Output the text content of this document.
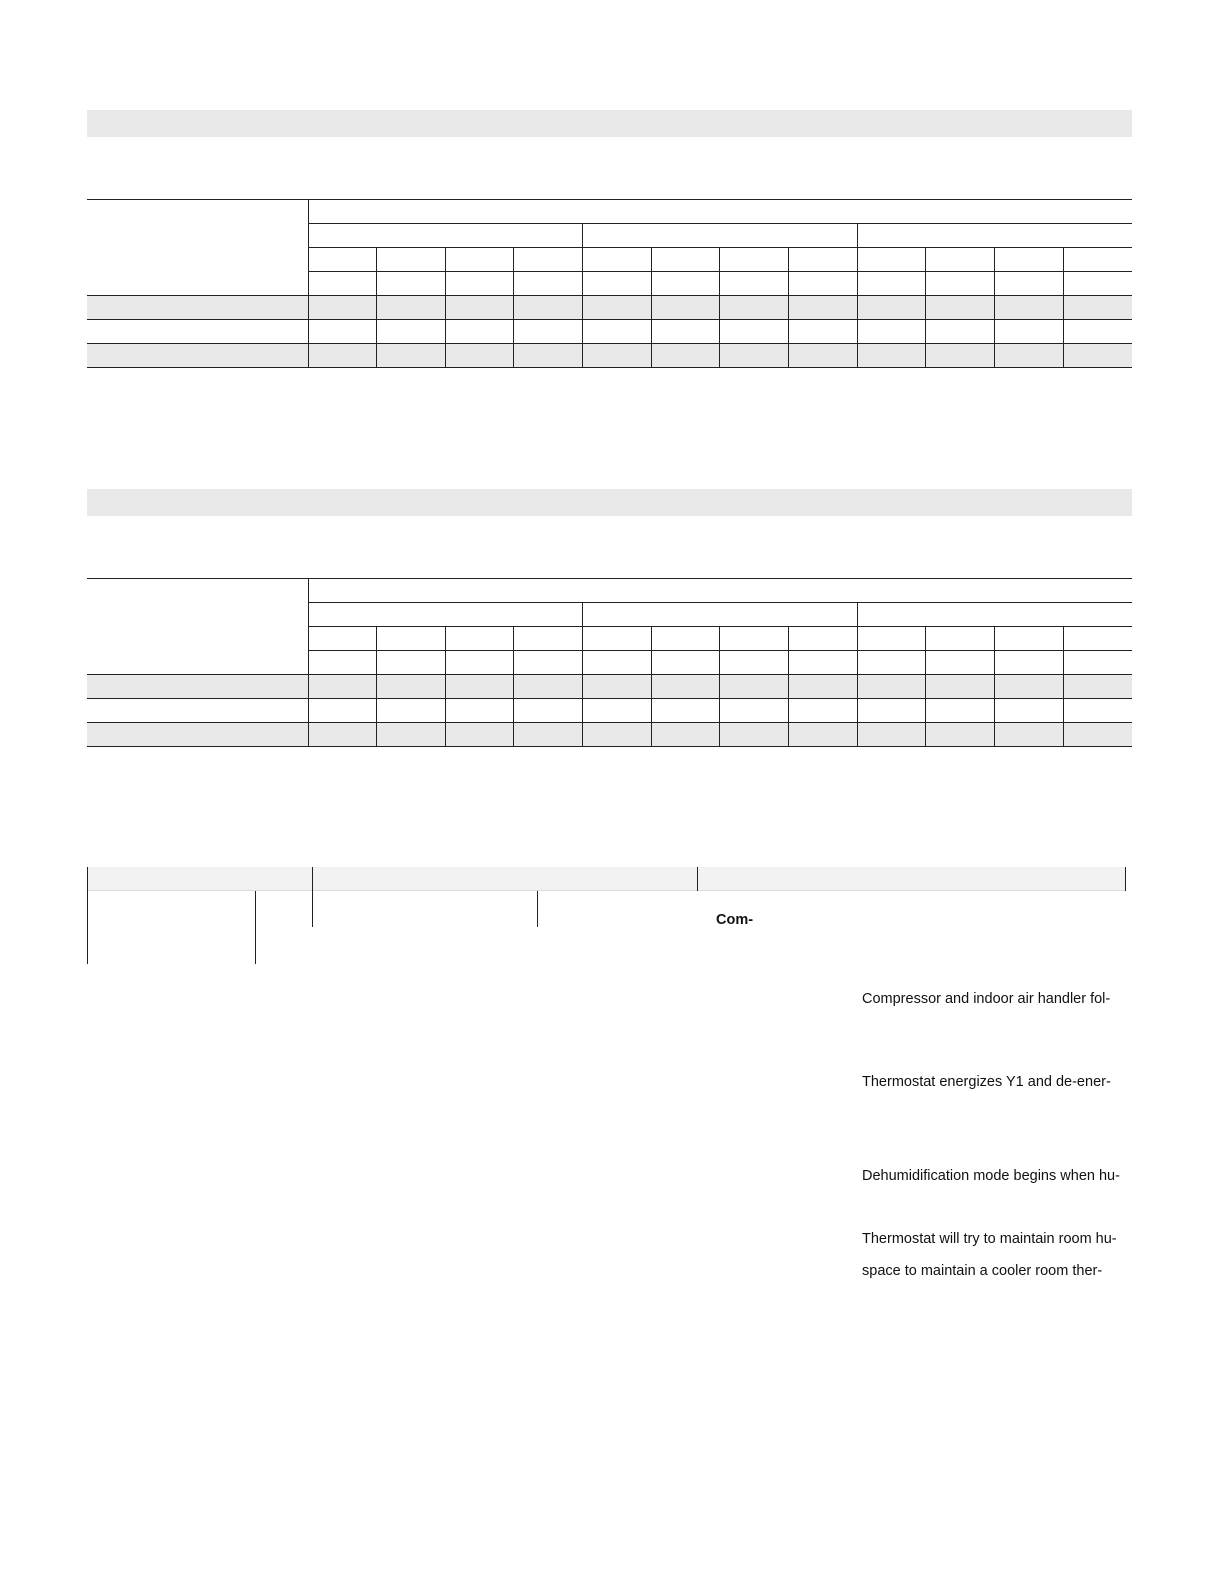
Com-
Compressor and indoor air handler fol-
Thermostat energizes Y1 and de-ener-
Dehumidification mode begins when hu-
Thermostat will try to maintain room hu-
space to maintain a cooler room ther-
